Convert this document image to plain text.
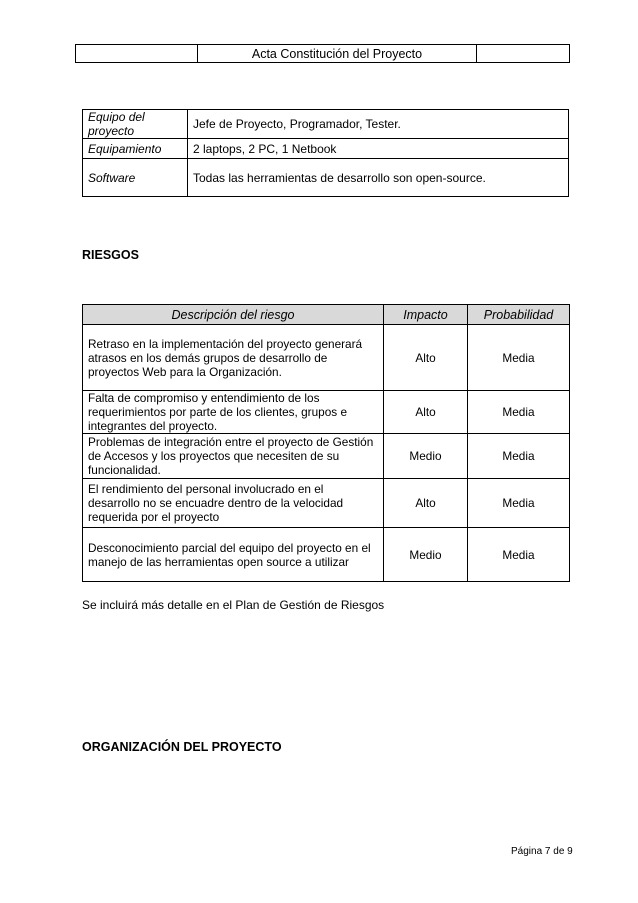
	Acta Constitución del Proyecto	
Equipo del proyecto	Jefe de Proyecto, Programador, Tester.
Equipamiento	2 laptops, 2 PC, 1 Netbook
Software	Todas las herramientas de desarrollo son open-source.
RIESGOS
Descripción del riesgo	Impacto	Probabilidad
Retraso en la implementación del proyecto generará atrasos en los demás grupos de desarrollo de proyectos Web para la Organización.	Alto	Media
Falta de compromiso y entendimiento de los requerimientos por parte de los clientes, grupos e integrantes del proyecto.	Alto	Media
Problemas de integración entre el proyecto de Gestión de Accesos y los proyectos que necesiten de su funcionalidad.	Medio	Media
El rendimiento del personal involucrado en el desarrollo no se encuadre dentro de la velocidad requerida por el proyecto	Alto	Media
Desconocimiento parcial del equipo del proyecto en el manejo de las herramientas open source a utilizar	Medio	Media

Se incluirá más detalle en el Plan de Gestión de Riesgos

ORGANIZACIÓN DEL PROYECTO
Página 7 de 9
